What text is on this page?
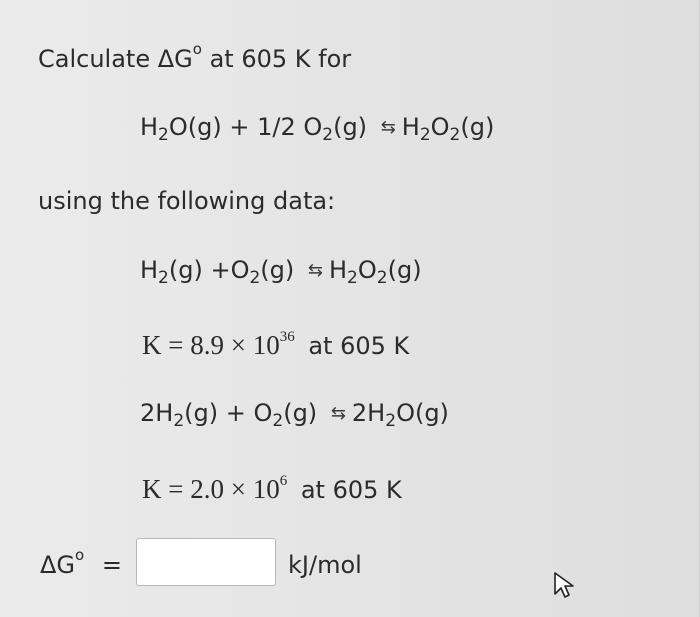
Calculate $\Delta G^o$ at 605 K for
$H_2O(g) + 1/2$ $O_2(g)$ ⇆ $H_2O_2(g)$
using the following data:
$H_2(g) +O_2(g)$ ⇆ $H_2O_2(g)$
$K = 8.9 \times 10^{36}$ at 605 K
$2H_2(g) + O_2(g)$ ⇆ $2H_2O(g)$
$K = 2.0 \times 10^6$ at 605 K
$\Delta G^o$ =	kJ/mol
